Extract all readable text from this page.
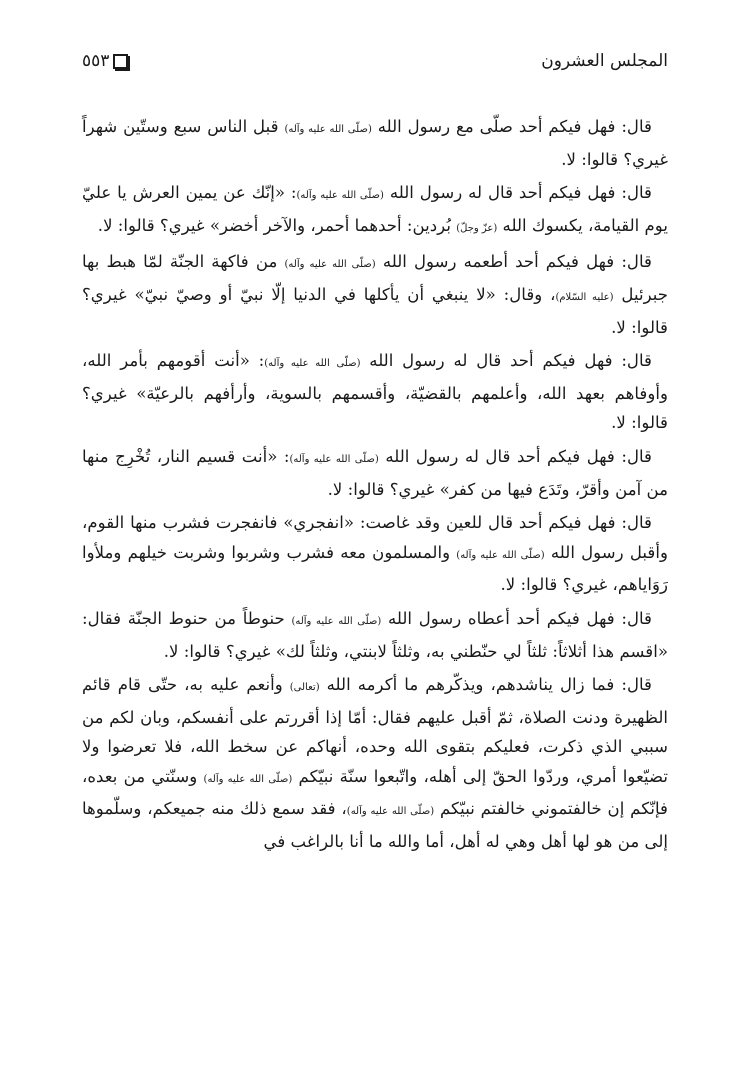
المجلس العشرون
٥٥٣

قال: فهل فيكم أحد صلّى مع رسول الله (صلّى الله عليه وآله) قبل الناس سبع وستّين شهراً غيري؟ قالوا: لا.

قال: فهل فيكم أحد قال له رسول الله (صلّى الله عليه وآله): «إنّك عن يمين العرش يا عليّ يوم القيامة، يكسوك الله (عزّ وجلّ) بُردين: أحدهما أحمر، والآخر أخضر» غيري؟ قالوا: لا.

قال: فهل فيكم أحد أطعمه رسول الله (صلّى الله عليه وآله) من فاكهة الجنّة لمّا هبط بها جبرئيل (عليه السّلام)، وقال: «لا ينبغي أن يأكلها في الدنيا إلّا نبيّ أو وصيّ نبيّ» غيري؟ قالوا: لا.

قال: فهل فيكم أحد قال له رسول الله (صلّى الله عليه وآله): «أنت أقومهم بأمر الله، وأوفاهم بعهد الله، وأعلمهم بالقضيّة، وأقسمهم بالسوية، وأرأفهم بالرعيّة» غيري؟ قالوا: لا.

قال: فهل فيكم أحد قال له رسول الله (صلّى الله عليه وآله): «أنت قسيم النار، تُخْرِج منها من آمن وأقرّ، وتَدَع فيها من كفر» غيري؟ قالوا: لا.

قال: فهل فيكم أحد قال للعين وقد غاصت: «انفجري» فانفجرت فشرب منها القوم، وأقبل رسول الله (صلّى الله عليه وآله) والمسلمون معه فشرب وشربوا وشربت خيلهم وملأوا رَوَاياهم، غيري؟ قالوا: لا.

قال: فهل فيكم أحد أعطاه رسول الله (صلّى الله عليه وآله) حنوطاً من حنوط الجنّة فقال: «اقسم هذا أثلاثاً: ثلثاً لي حنّطني به، وثلثاً لابنتي، وثلثاً لك» غيري؟ قالوا: لا.

قال: فما زال يناشدهم، ويذكّرهم ما أكرمه الله (تعالى) وأنعم عليه به، حتّى قام قائم الظهيرة ودنت الصلاة، ثمّ أقبل عليهم فقال: أمّا إذا أقررتم على أنفسكم، وبان لكم من سببي الذي ذكرت، فعليكم بتقوى الله وحده، أنهاكم عن سخط الله، فلا تعرضوا ولا تضيّعوا أمري، وردّوا الحقّ إلى أهله، واتّبعوا سنّة نبيّكم (صلّى الله عليه وآله) وسنّتي من بعده، فإنّكم إن خالفتموني خالفتم نبيّكم (صلّى الله عليه وآله)، فقد سمع ذلك منه جميعكم، وسلّموها إلى من هو لها أهل وهي له أهل، أما والله ما أنا بالراغب في
